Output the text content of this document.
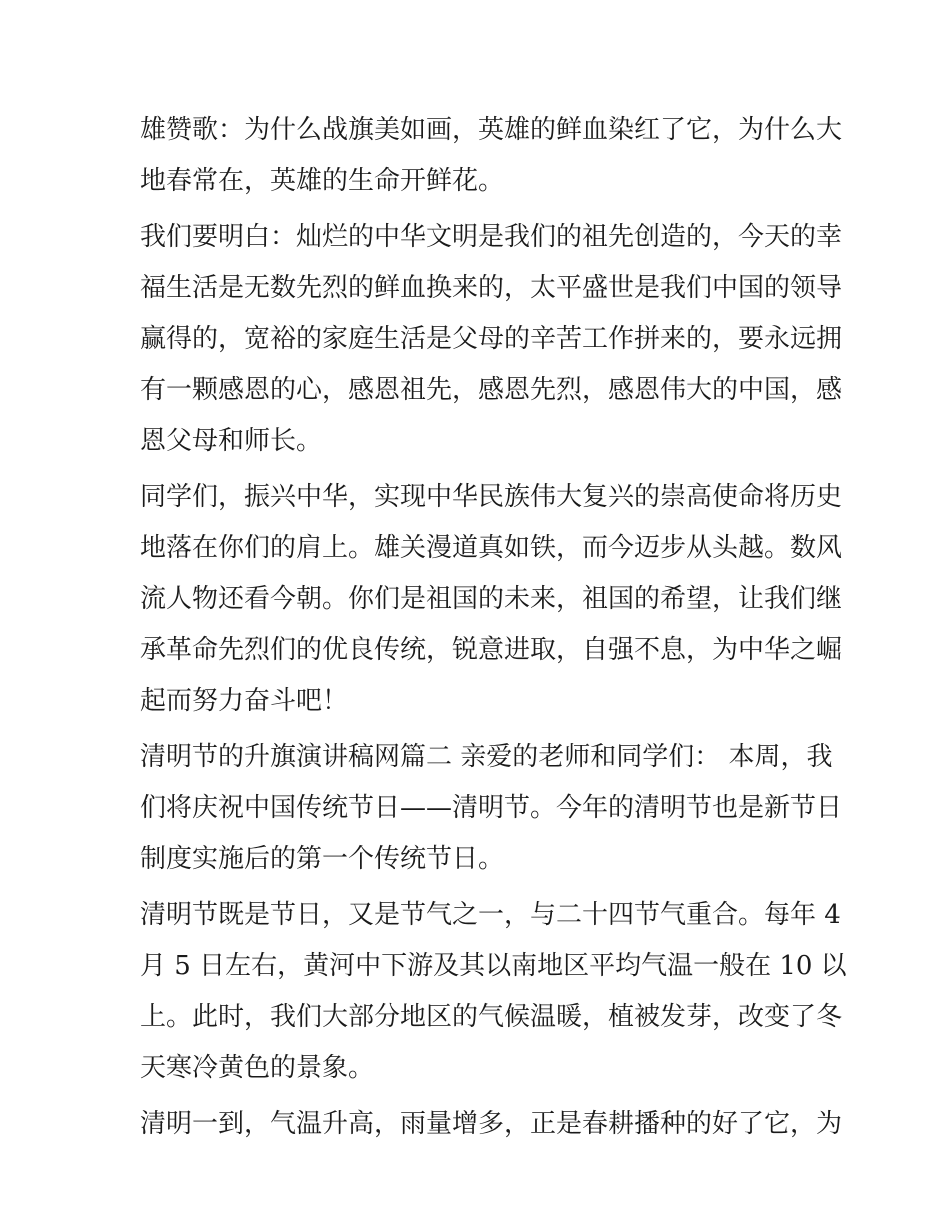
雄赞歌：为什么战旗美如画，英雄的鲜血染红了它，为什么大
地春常在，英雄的生命开鲜花。
我们要明白：灿烂的中华文明是我们的祖先创造的，今天的幸
福生活是无数先烈的鲜血换来的，太平盛世是我们中国的领导
赢得的，宽裕的家庭生活是父母的辛苦工作拼来的，要永远拥
有一颗感恩的心，感恩祖先，感恩先烈，感恩伟大的中国，感
恩父母和师长。
同学们，振兴中华，实现中华民族伟大复兴的崇高使命将历史
地落在你们的肩上。雄关漫道真如铁，而今迈步从头越。数风
流人物还看今朝。你们是祖国的未来，祖国的希望，让我们继
承革命先烈们的优良传统，锐意进取，自强不息，为中华之崛
起而努力奋斗吧！
清明节的升旗演讲稿网篇二 亲爱的老师和同学们： 本周，我
们将庆祝中国传统节日——清明节。今年的清明节也是新节日
制度实施后的第一个传统节日。
清明节既是节日，又是节气之一，与二十四节气重合。每年 4
月 5 日左右，黄河中下游及其以南地区平均气温一般在 10 以
上。此时，我们大部分地区的气候温暖，植被发芽，改变了冬
天寒冷黄色的景象。
清明一到，气温升高，雨量增多，正是春耕播种的好了它，为
